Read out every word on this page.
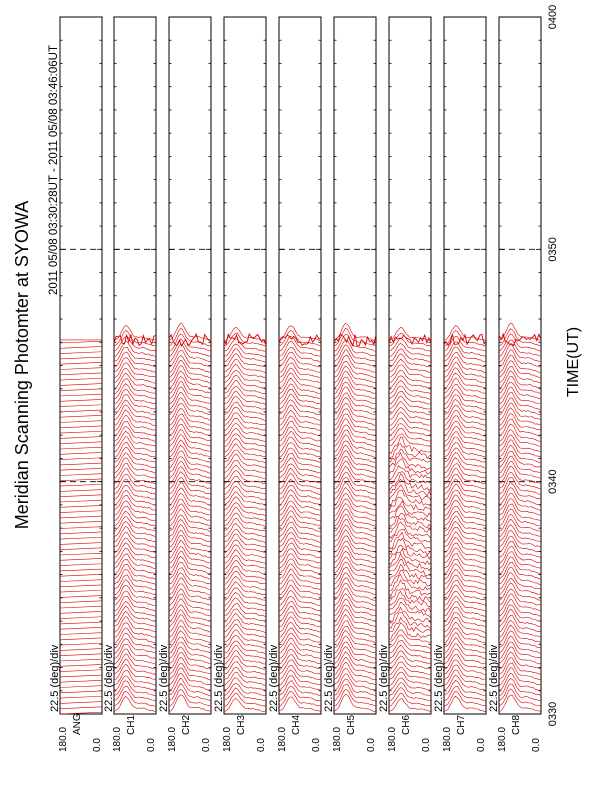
22.5 (deg)/div
180.0
ANG
0.0
22.5 (deg)/div
180.0
CH1
0.0
22.5 (deg)/div
180.0
CH2
0.0
22.5 (deg)/div
180.0
CH3
0.0
22.5 (deg)/div
180.0
CH4
0.0
22.5 (deg)/div
180.0
CH5
0.0
22.5 (deg)/div
180.0
CH6
0.0
22.5 (deg)/div
180.0
CH7
0.0
22.5 (deg)/div
180.0
CH8
0.0
Meridian Scanning Photomter at SYOWA
2011 05/08 03:30:28UT - 2011 05/08 03:46:06UT
TIME(UT)
0330
0340
0350
0400
